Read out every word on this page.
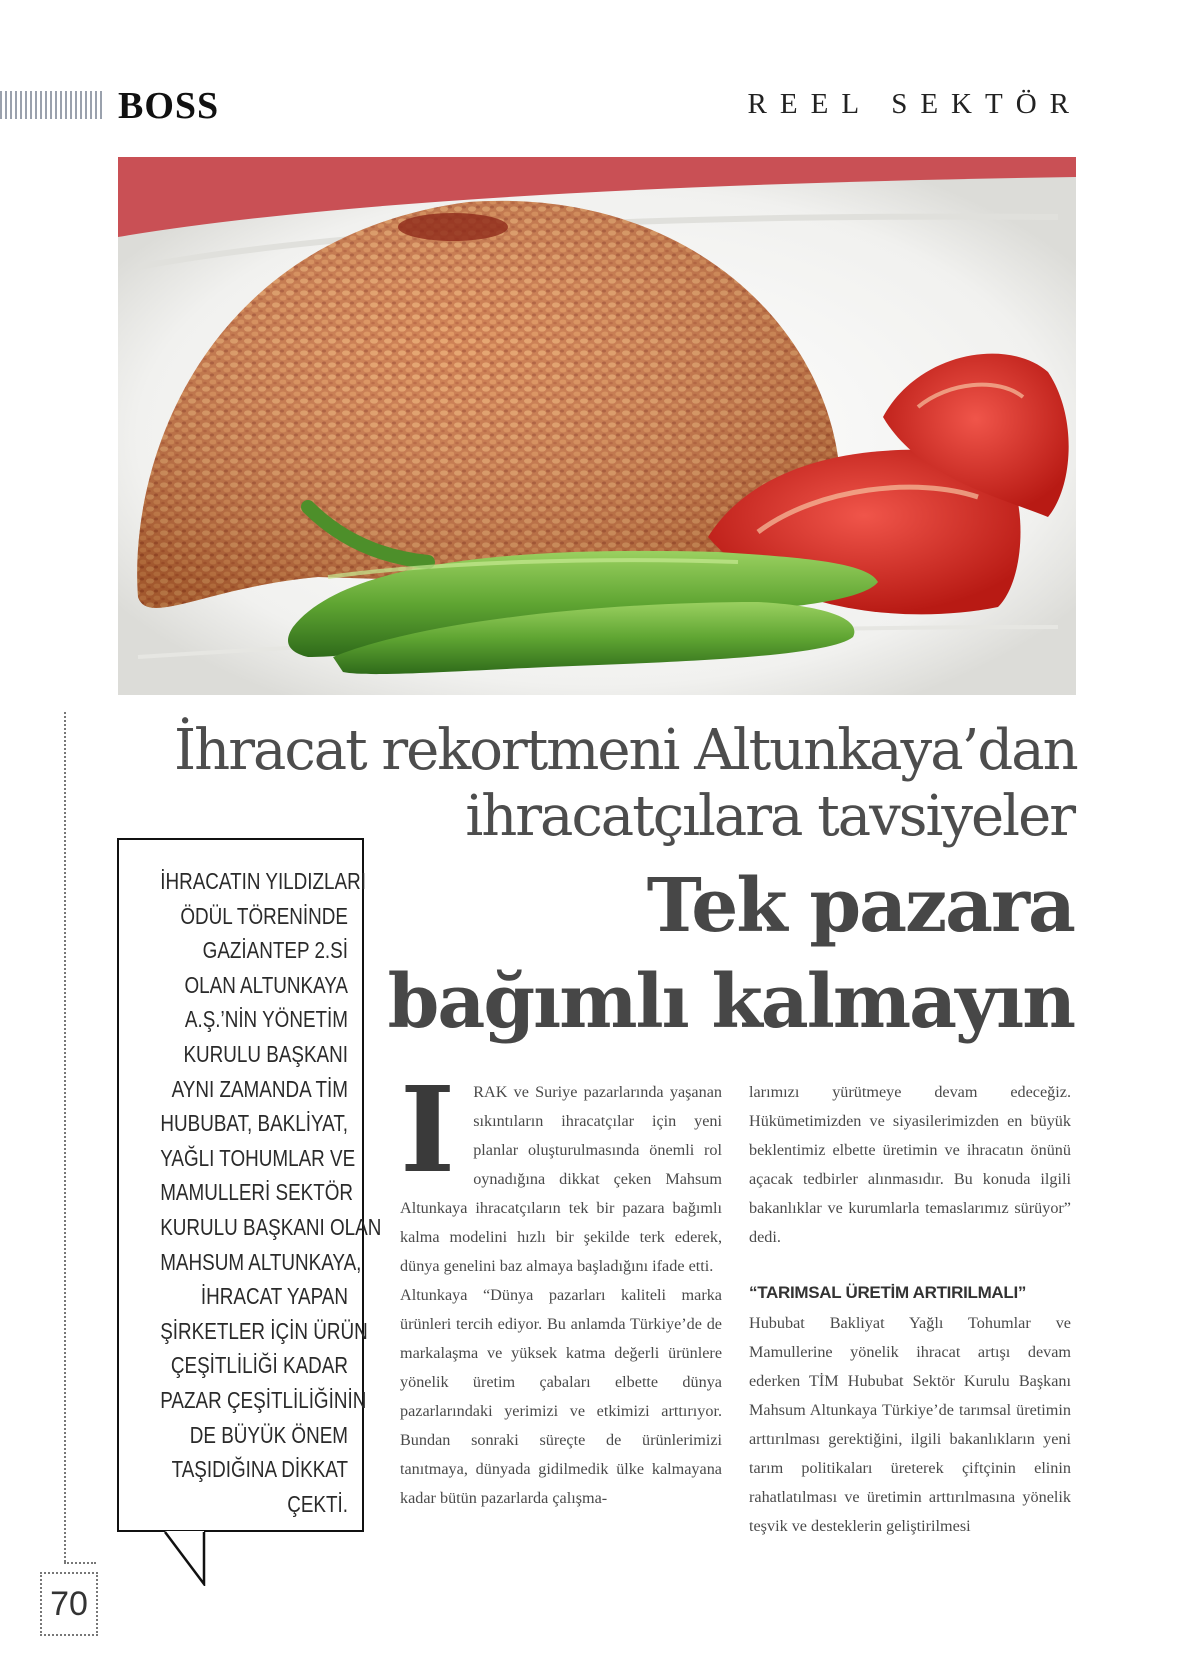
BOSS	REEL SEKTÖR
70
İhracat rekortmeni Altunkaya’dan
ihracatçılara tavsiyeler
Tek pazara
bağımlı kalmayın
İHRACATIN YILDIZLARI
ÖDÜL TÖRENİNDE
GAZİANTEP 2.Sİ
OLAN ALTUNKAYA
A.Ş.’NİN YÖNETİM
KURULU BAŞKANI
AYNI ZAMANDA TİM
HUBUBAT, BAKLİYAT,
YAĞLI TOHUMLAR VE
MAMULLERİ SEKTÖR
KURULU BAŞKANI OLAN
MAHSUM ALTUNKAYA,
İHRACAT YAPAN
ŞİRKETLER İÇİN ÜRÜN
ÇEŞİTLİLİĞİ KADAR
PAZAR ÇEŞİTLİLİĞİNİN
DE BÜYÜK ÖNEM
TAŞIDIĞINA DİKKAT
ÇEKTİ.
I	RAK ve Suriye pazarlarında yaşanan sıkıntıların ihracatçılar için yeni planlar oluşturulmasında önemli rol oynadığına dikkat çeken Mahsum Altunkaya ihracatçıların tek bir pazara bağımlı kalma modelini hızlı bir şekilde terk ederek, dünya genelini baz almaya başladığını ifade etti.

Altunkaya “Dünya pazarları kaliteli marka ürünleri tercih ediyor. Bu anlamda Türkiye’de de markalaşma ve yüksek katma değerli ürünlere yönelik üretim çabaları elbette dünya pazarlarındaki yerimizi ve etkimizi arttırıyor. Bundan sonraki süreçte de ürünlerimizi tanıtmaya, dünyada gidilmedik ülke kalmayana kadar bütün pazarlarda çalışma-

larımızı yürütmeye devam edeceğiz. Hükümetimizden ve siyasilerimizden en büyük beklentimiz elbette üretimin ve ihracatın önünü açacak tedbirler alınmasıdır. Bu konuda ilgili bakanlıklar ve kurumlarla temaslarımız sürüyor” dedi.

“TARIMSAL ÜRETİM ARTIRILMALI”

Hububat Bakliyat Yağlı Tohumlar ve Mamullerine yönelik ihracat artışı devam ederken TİM Hububat Sektör Kurulu Başkanı Mahsum Altunkaya Türkiye’de tarımsal üretimin arttırılması gerektiğini, ilgili bakanlıkların yeni tarım politikaları üreterek çiftçinin elinin rahatlatılması ve üretimin arttırılmasına yönelik teşvik ve desteklerin geliştirilmesi
